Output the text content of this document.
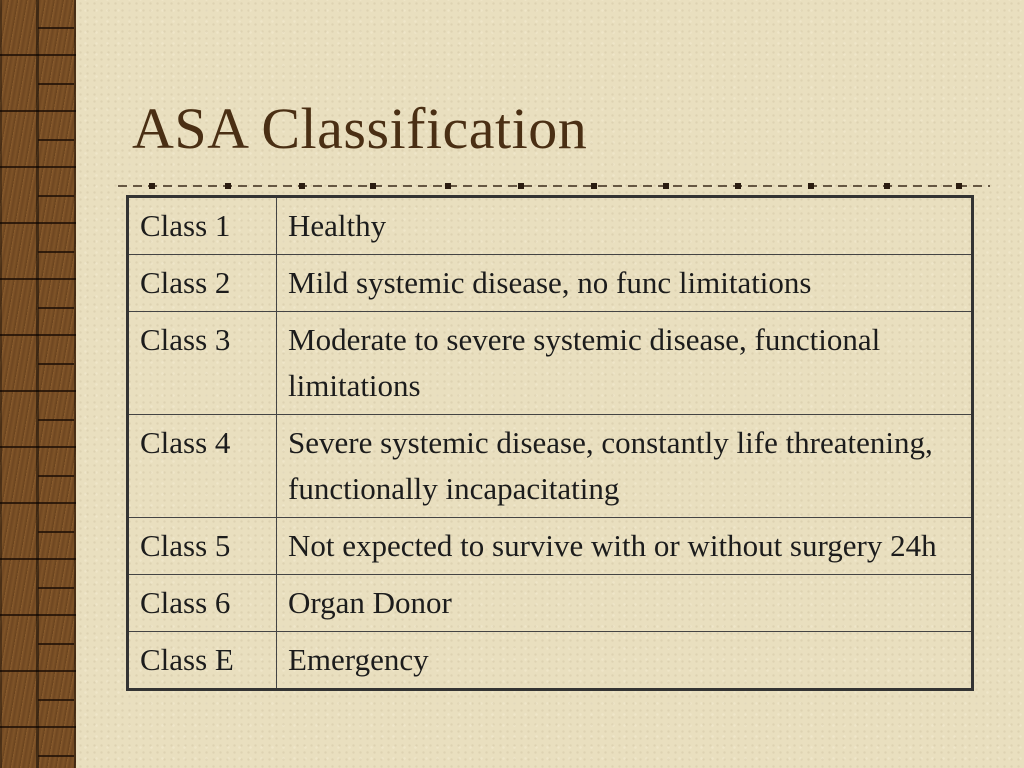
ASA Classification
Class 1	Healthy
Class 2	Mild systemic disease, no func limitations
Class 3	Moderate to severe systemic disease, functional limitations
Class 4	Severe systemic disease, constantly life threatening, functionally incapacitating
Class 5	Not expected to survive with or without surgery 24h
Class 6	Organ Donor
Class E	Emergency
